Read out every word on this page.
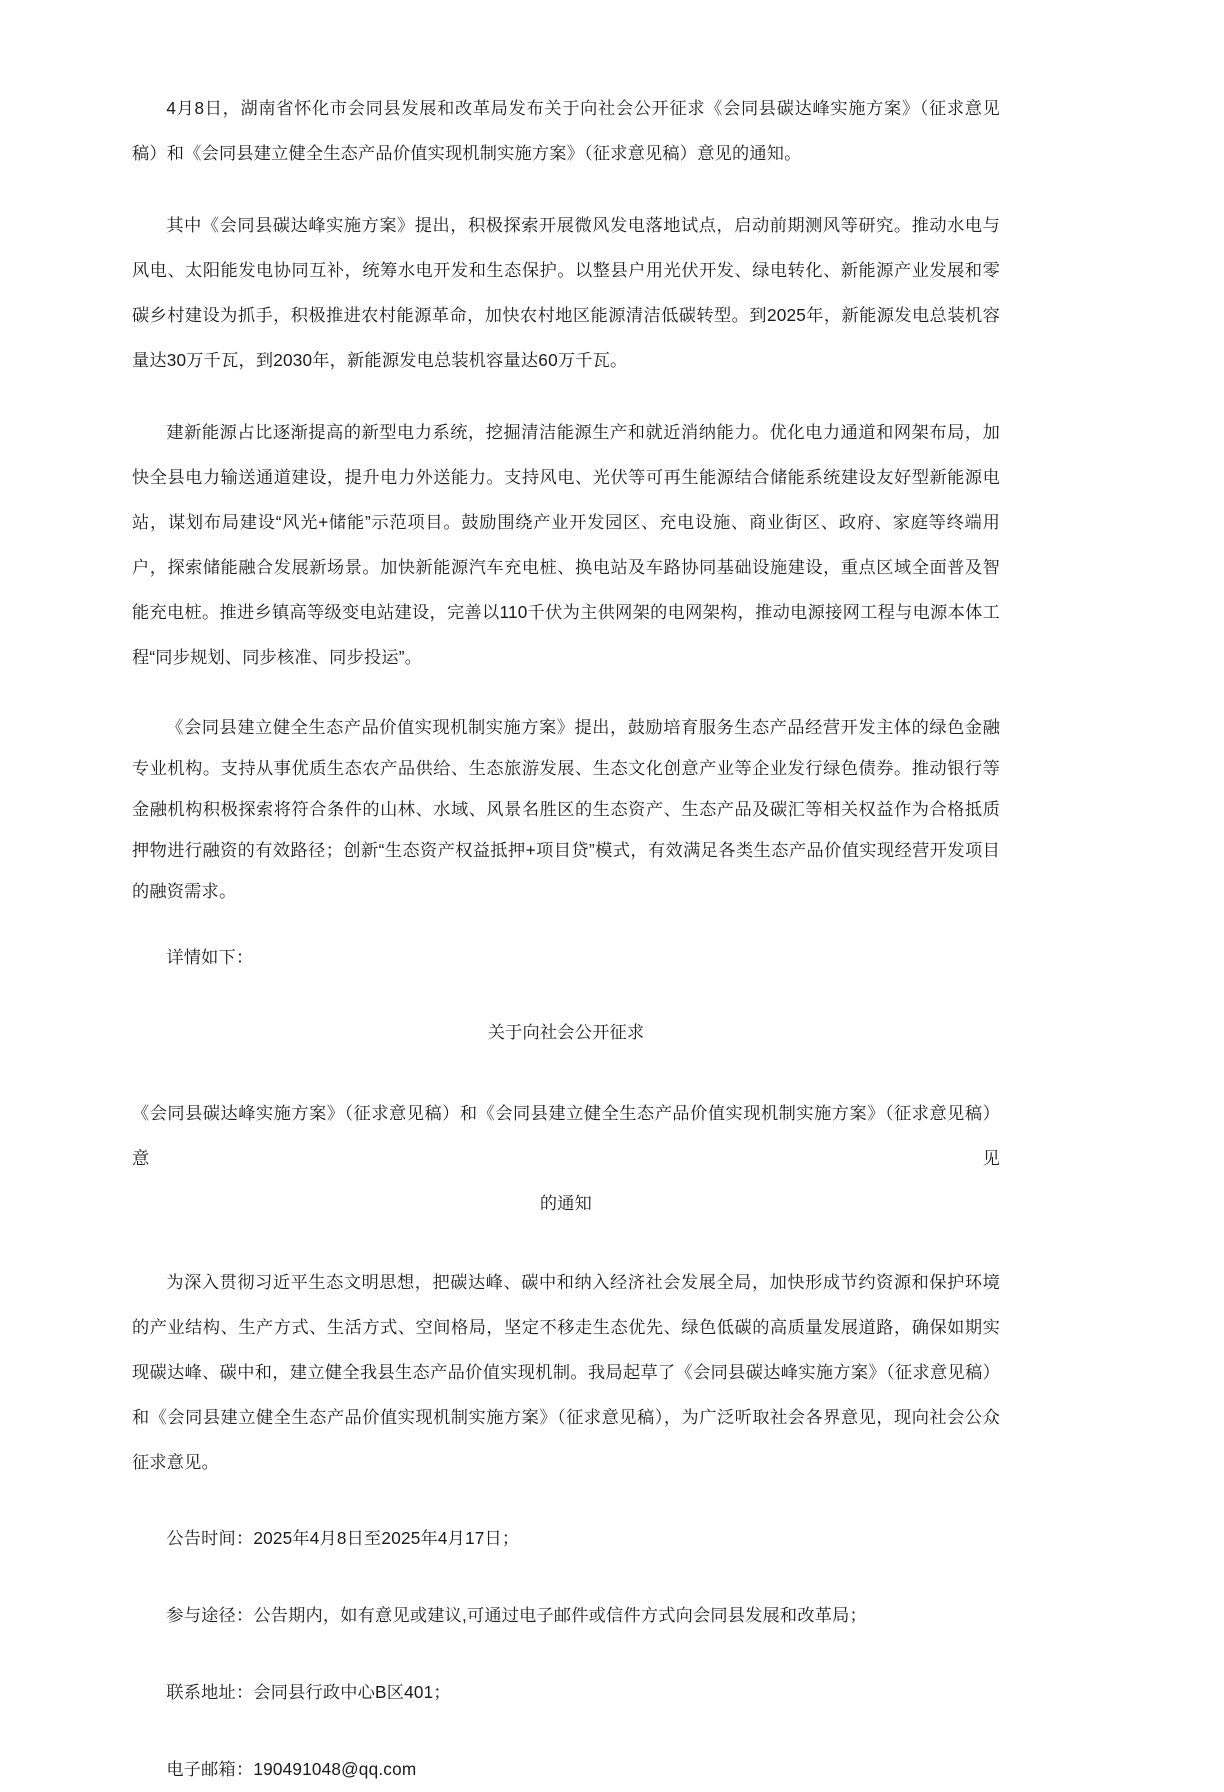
4月8日，湖南省怀化市会同县发展和改革局发布关于向社会公开征求《会同县碳达峰实施方案》（征求意见稿）和《会同县建立健全生态产品价值实现机制实施方案》（征求意见稿）意见的通知。

其中《会同县碳达峰实施方案》提出，积极探索开展微风发电落地试点，启动前期测风等研究。推动水电与风电、太阳能发电协同互补，统筹水电开发和生态保护。以整县户用光伏开发、绿电转化、新能源产业发展和零碳乡村建设为抓手，积极推进农村能源革命，加快农村地区能源清洁低碳转型。到2025年，新能源发电总装机容量达30万千瓦，到2030年，新能源发电总装机容量达60万千瓦。

建新能源占比逐渐提高的新型电力系统，挖掘清洁能源生产和就近消纳能力。优化电力通道和网架布局，加快全县电力输送通道建设，提升电力外送能力。支持风电、光伏等可再生能源结合储能系统建设友好型新能源电站，谋划布局建设“风光+储能”示范项目。鼓励围绕产业开发园区、充电设施、商业街区、政府、家庭等终端用户，探索储能融合发展新场景。加快新能源汽车充电桩、换电站及车路协同基础设施建设，重点区域全面普及智能充电桩。推进乡镇高等级变电站建设，完善以110千伏为主供网架的电网架构，推动电源接网工程与电源本体工程“同步规划、同步核准、同步投运”。

《会同县建立健全生态产品价值实现机制实施方案》提出，鼓励培育服务生态产品经营开发主体的绿色金融专业机构。支持从事优质生态农产品供给、生态旅游发展、生态文化创意产业等企业发行绿色债券。推动银行等金融机构积极探索将符合条件的山林、水域、风景名胜区的生态资产、生态产品及碳汇等相关权益作为合格抵质押物进行融资的有效路径；创新“生态资产权益抵押+项目贷”模式，有效满足各类生态产品价值实现经营开发项目的融资需求。

详情如下：

关于向社会公开征求

《会同县碳达峰实施方案》（征求意见稿）和《会同县建立健全生态产品价值实现机制实施方案》（征求意见稿）意见
的通知

为深入贯彻习近平生态文明思想，把碳达峰、碳中和纳入经济社会发展全局，加快形成节约资源和保护环境的产业结构、生产方式、生活方式、空间格局，坚定不移走生态优先、绿色低碳的高质量发展道路，确保如期实现碳达峰、碳中和，建立健全我县生态产品价值实现机制。我局起草了《会同县碳达峰实施方案》（征求意见稿）和《会同县建立健全生态产品价值实现机制实施方案》（征求意见稿），为广泛听取社会各界意见，现向社会公众征求意见。

公告时间：2025年4月8日至2025年4月17日；

参与途径：公告期内，如有意见或建议,可通过电子邮件或信件方式向会同县发展和改革局；

联系地址：会同县行政中心B区401；

电子邮箱：190491048@qq.com
